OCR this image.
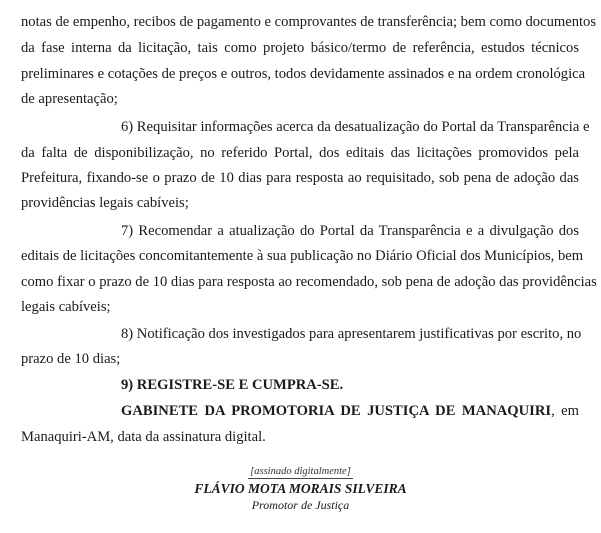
notas de empenho, recibos de pagamento e comprovantes de transferência; bem como documentos
da fase interna da licitação, tais como projeto básico/termo de referência, estudos técnicos
preliminares e cotações de preços e outros, todos devidamente assinados e na ordem cronológica
de apresentação;
6) Requisitar informações acerca da desatualização do Portal da Transparência e
da falta de disponibilização, no referido Portal, dos editais das licitações promovidos pela
Prefeitura, fixando-se o prazo de 10 dias para resposta ao requisitado, sob pena de adoção das
providências legais cabíveis;
7) Recomendar a atualização do Portal da Transparência e a divulgação dos
editais de licitações concomitantemente à sua publicação no Diário Oficial dos Municípios, bem
como fixar o prazo de 10 dias para resposta ao recomendado, sob pena de adoção das providências
legais cabíveis;
8) Notificação dos investigados para apresentarem justificativas por escrito, no
prazo de 10 dias;
9) REGISTRE-SE E CUMPRA-SE.
GABINETE DA PROMOTORIA DE JUSTIÇA DE MANAQUIRI, em
Manaquiri-AM, data da assinatura digital.
[assinado digitalmente]
FLÁVIO MOTA MORAIS SILVEIRA
Promotor de Justiça
